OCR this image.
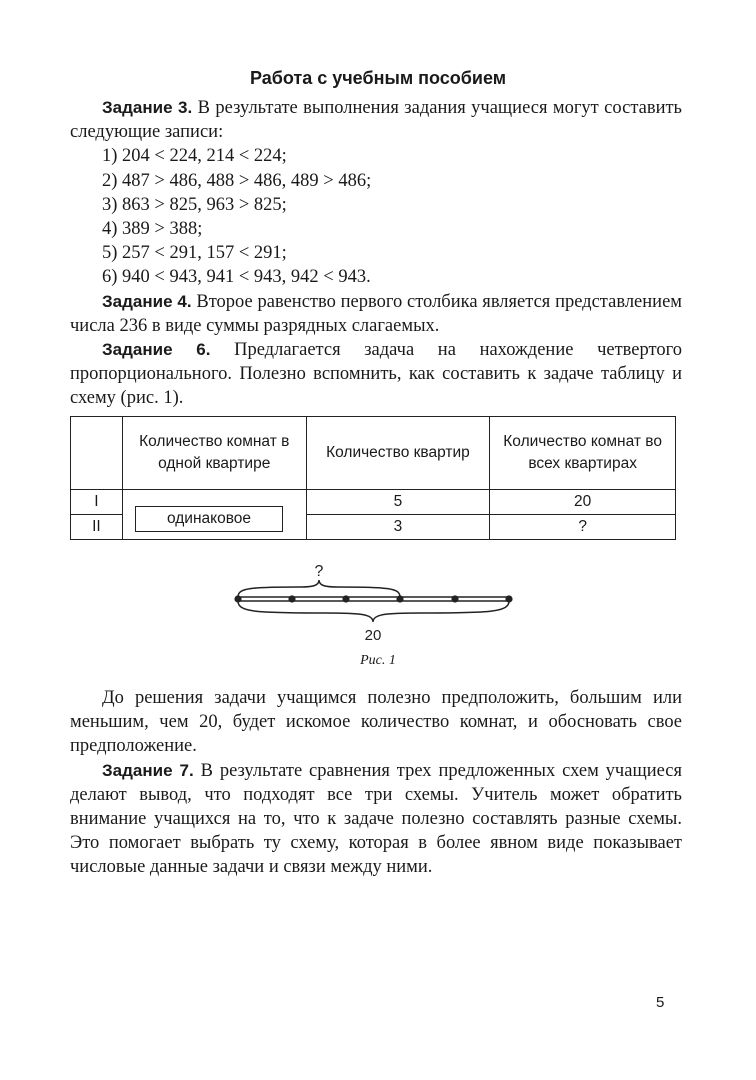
Работа с учебным пособием

Задание 3. В результате выполнения задания учащиеся могут составить следующие записи:

1) 204 < 224, 214 < 224;

2) 487 > 486, 488 > 486, 489 > 486;

3) 863 > 825, 963 > 825;

4) 389 > 388;

5) 257 < 291, 157 < 291;

6) 940 < 943, 941 < 943, 942 < 943.

Задание 4. Второе равенство первого столбика является представлением числа 236 в виде суммы разрядных слагаемых.

Задание 6. Предлагается задача на нахождение четвертого пропорционального. Полезно вспомнить, как составить к задаче таблицу и схему (рис. 1).

	Количество комнат в одной квартире	Количество квартир	Количество комнат во всех квартирах
I		5	20
II		3	?
одинаковое
?
20
Рис. 1

До решения задачи учащимся полезно предположить, большим или меньшим, чем 20, будет искомое количество комнат, и обосновать свое предположение.

Задание 7. В результате сравнения трех предложенных схем учащиеся делают вывод, что подходят все три схемы. Учитель может обратить внимание учащихся на то, что к задаче полезно составлять разные схемы. Это помогает выбрать ту схему, которая в более явном виде показывает числовые данные задачи и связи между ними.

5
